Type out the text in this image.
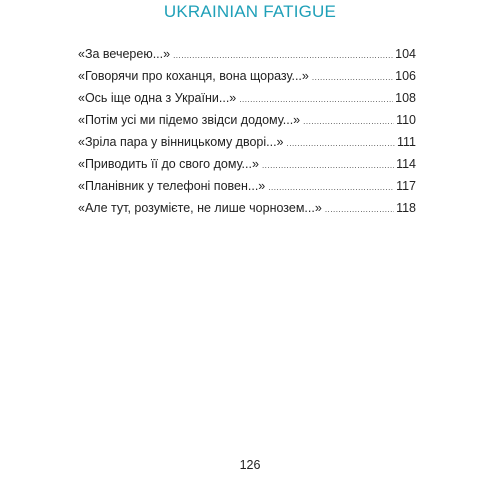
UKRAINIAN FATIGUE
«За вечерею...» .....	104
«Говорячи про коханця, вона щоразу...» .....	106
«Ось іще одна з України...» .....	108
«Потім усі ми підемо звідси додому...» .....	110
«Зріла пара у вінницькому дворі...» .....	111
«Приводить її до свого дому...» .....	114
«Планівник у телефоні повен...» .....	117
«Але тут, розумієте, не лише чорнозем...» .....	118
126
